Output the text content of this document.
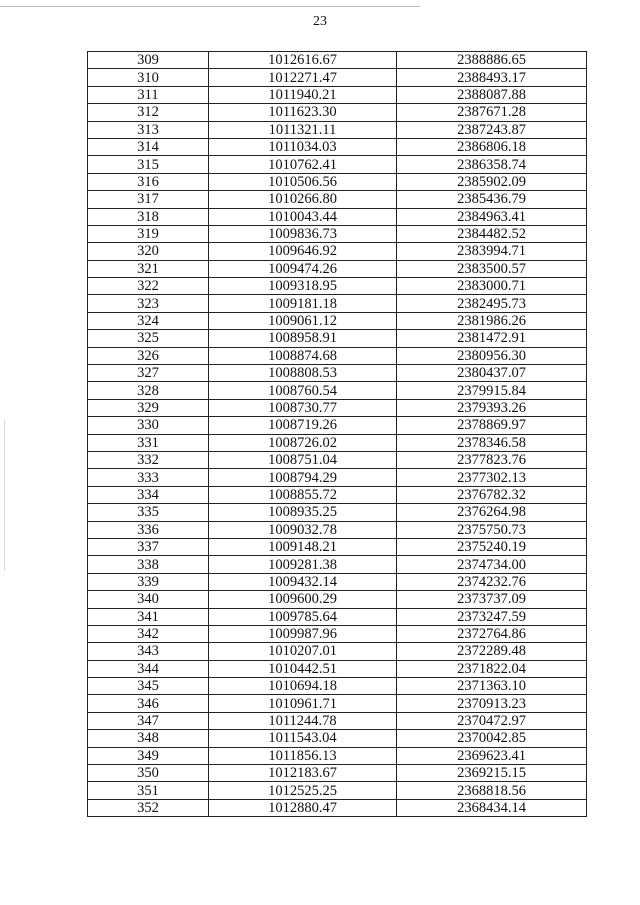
23
309	1012616.67	2388886.65
310	1012271.47	2388493.17
311	1011940.21	2388087.88
312	1011623.30	2387671.28
313	1011321.11	2387243.87
314	1011034.03	2386806.18
315	1010762.41	2386358.74
316	1010506.56	2385902.09
317	1010266.80	2385436.79
318	1010043.44	2384963.41
319	1009836.73	2384482.52
320	1009646.92	2383994.71
321	1009474.26	2383500.57
322	1009318.95	2383000.71
323	1009181.18	2382495.73
324	1009061.12	2381986.26
325	1008958.91	2381472.91
326	1008874.68	2380956.30
327	1008808.53	2380437.07
328	1008760.54	2379915.84
329	1008730.77	2379393.26
330	1008719.26	2378869.97
331	1008726.02	2378346.58
332	1008751.04	2377823.76
333	1008794.29	2377302.13
334	1008855.72	2376782.32
335	1008935.25	2376264.98
336	1009032.78	2375750.73
337	1009148.21	2375240.19
338	1009281.38	2374734.00
339	1009432.14	2374232.76
340	1009600.29	2373737.09
341	1009785.64	2373247.59
342	1009987.96	2372764.86
343	1010207.01	2372289.48
344	1010442.51	2371822.04
345	1010694.18	2371363.10
346	1010961.71	2370913.23
347	1011244.78	2370472.97
348	1011543.04	2370042.85
349	1011856.13	2369623.41
350	1012183.67	2369215.15
351	1012525.25	2368818.56
352	1012880.47	2368434.14
